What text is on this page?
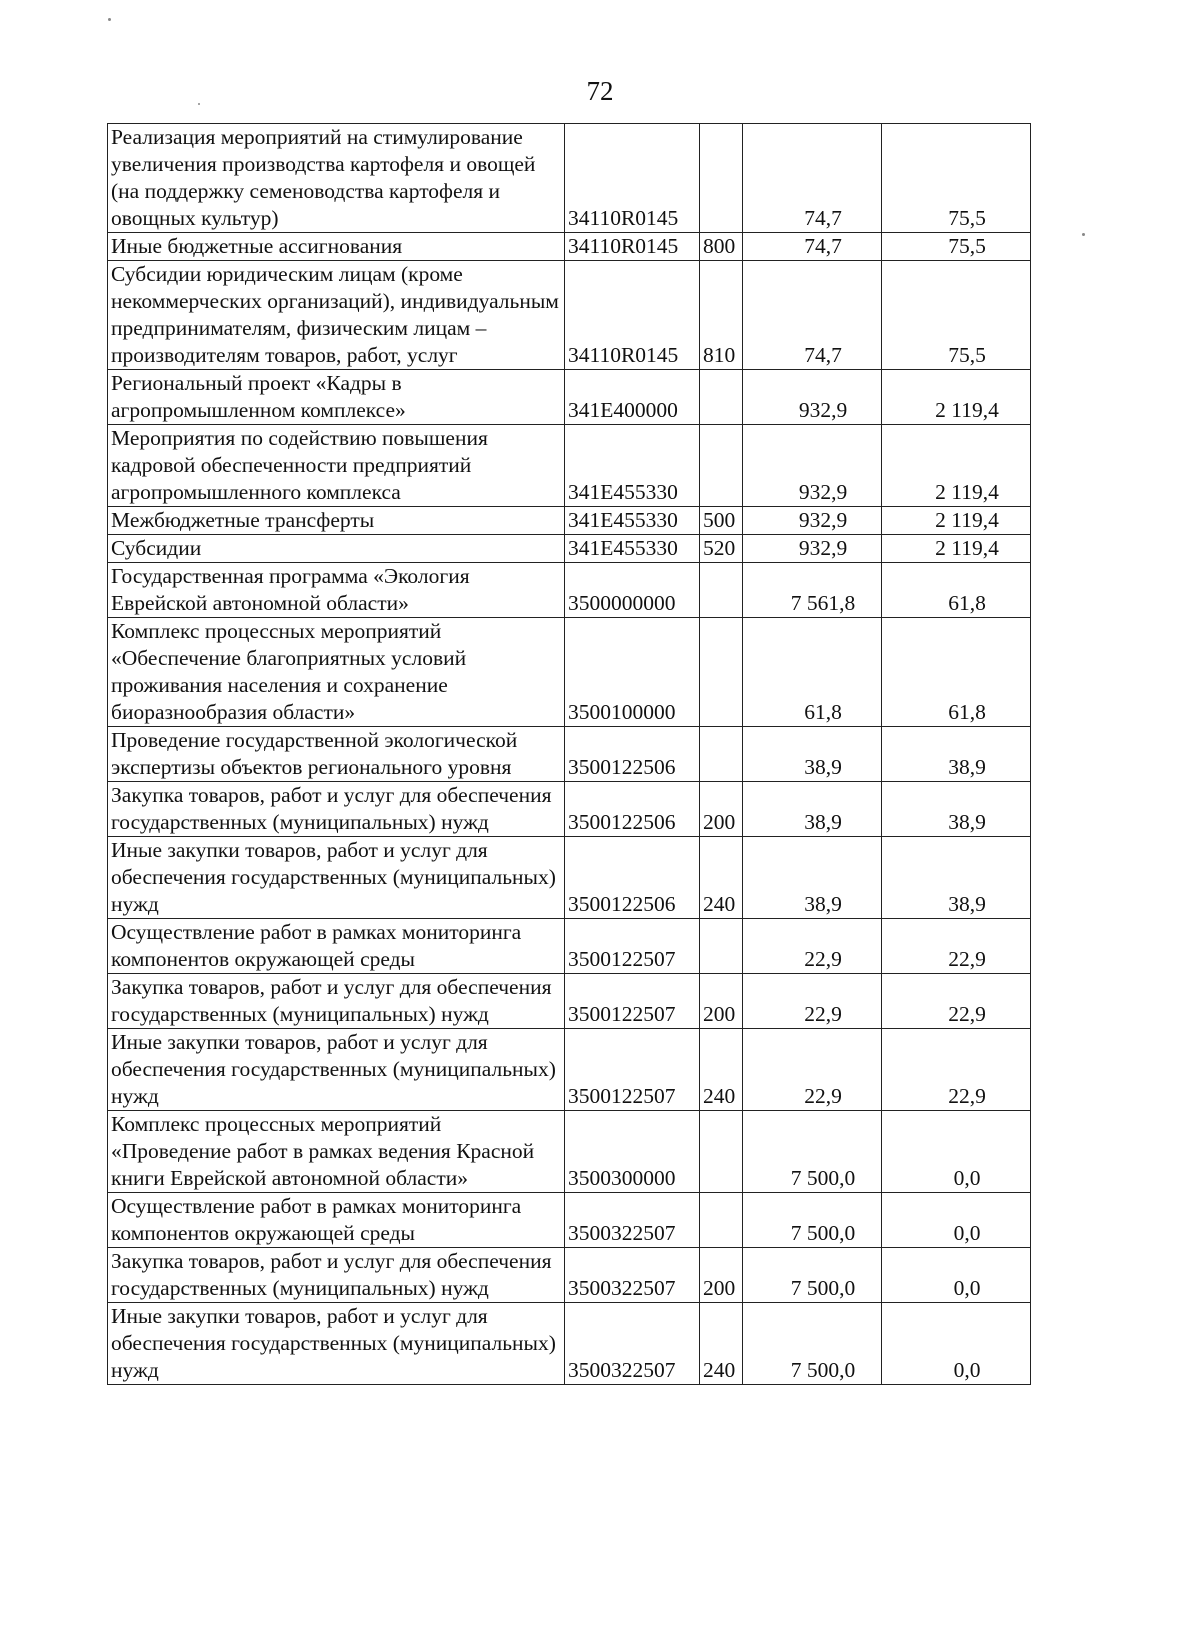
72
Реализация мероприятий на стимулирование увеличения производства картофеля и овощей (на поддержку семеноводства картофеля и овощных культур)	34110R0145		74,7	75,5
Иные бюджетные ассигнования	34110R0145	800	74,7	75,5
Субсидии юридическим лицам (кроме некоммерческих организаций), индивидуальным предпринимателям, физическим лицам – производителям товаров, работ, услуг	34110R0145	810	74,7	75,5
Региональный проект «Кадры в агропромышленном комплексе»	341E400000		932,9	2 119,4
Мероприятия по содействию повышения кадровой обеспеченности предприятий агропромышленного комплекса	341E455330		932,9	2 119,4
Межбюджетные трансферты	341E455330	500	932,9	2 119,4
Субсидии	341E455330	520	932,9	2 119,4
Государственная программа «Экология Еврейской автономной области»	3500000000		7 561,8	61,8
Комплекс процессных мероприятий «Обеспечение благоприятных условий проживания населения и сохранение биоразнообразия области»	3500100000		61,8	61,8
Проведение государственной экологической экспертизы объектов регионального уровня	3500122506		38,9	38,9
Закупка товаров, работ и услуг для обеспечения государственных (муниципальных) нужд	3500122506	200	38,9	38,9
Иные закупки товаров, работ и услуг для обеспечения государственных (муниципальных) нужд	3500122506	240	38,9	38,9
Осуществление работ в рамках мониторинга компонентов окружающей среды	3500122507		22,9	22,9
Закупка товаров, работ и услуг для обеспечения государственных (муниципальных) нужд	3500122507	200	22,9	22,9
Иные закупки товаров, работ и услуг для обеспечения государственных (муниципальных) нужд	3500122507	240	22,9	22,9
Комплекс процессных мероприятий «Проведение работ в рамках ведения Красной книги Еврейской автономной области»	3500300000		7 500,0	0,0
Осуществление работ в рамках мониторинга компонентов окружающей среды	3500322507		7 500,0	0,0
Закупка товаров, работ и услуг для обеспечения государственных (муниципальных) нужд	3500322507	200	7 500,0	0,0
Иные закупки товаров, работ и услуг для обеспечения государственных (муниципальных) нужд	3500322507	240	7 500,0	0,0
